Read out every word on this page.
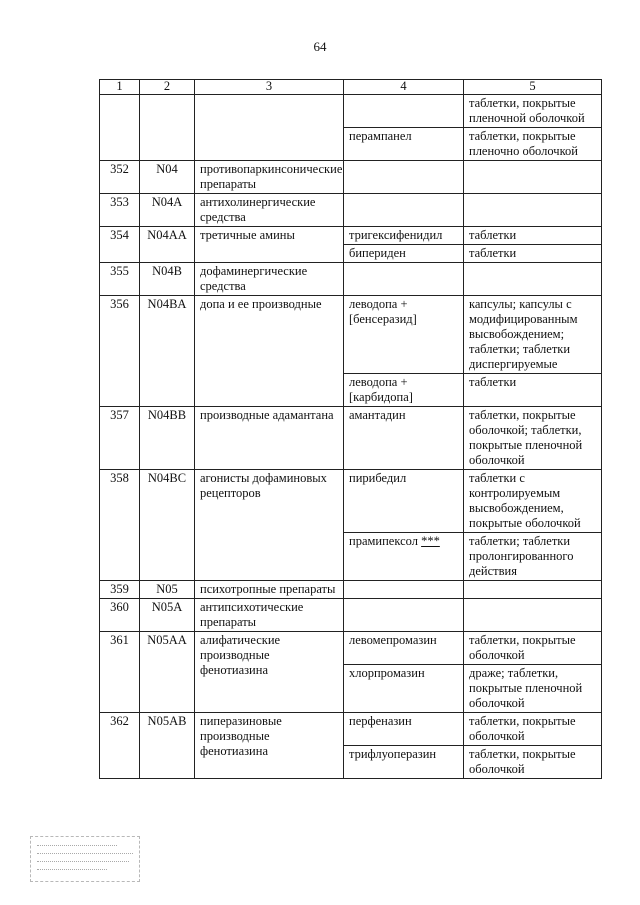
64
1	2	3	4	5
				таблетки, покрытые пленочной оболочкой
			перампанел	таблетки, покрытые пленочно оболочкой
352	N04	противопаркинсонические препараты		
353	N04A	антихолинергические средства		
354	N04AA	третичные амины	тригексифенидил	таблетки
			бипериден	таблетки
355	N04B	дофаминергические средства		
356	N04BA	допа и ее производные	леводопа + [бенсеразид]	капсулы; капсулы с модифицированным высвобождением; таблетки; таблетки диспергируемые
			леводопа + [карбидопа]	таблетки
357	N04BB	производные адамантана	амантадин	таблетки, покрытые оболочкой; таблетки, покрытые пленочной оболочкой
358	N04BC	агонисты дофаминовых рецепторов	пирибедил	таблетки с контролируемым высвобождением, покрытые оболочкой
			прамипексол ***	таблетки; таблетки пролонгированного действия
359	N05	психотропные препараты		
360	N05A	антипсихотические препараты		
361	N05AA	алифатические производные фенотиазина	левомепромазин	таблетки, покрытые оболочкой
			хлорпромазин	драже; таблетки, покрытые пленочной оболочкой
362	N05AB	пиперазиновые производные фенотиазина	перфеназин	таблетки, покрытые оболочкой
			трифлуоперазин	таблетки, покрытые оболочкой
